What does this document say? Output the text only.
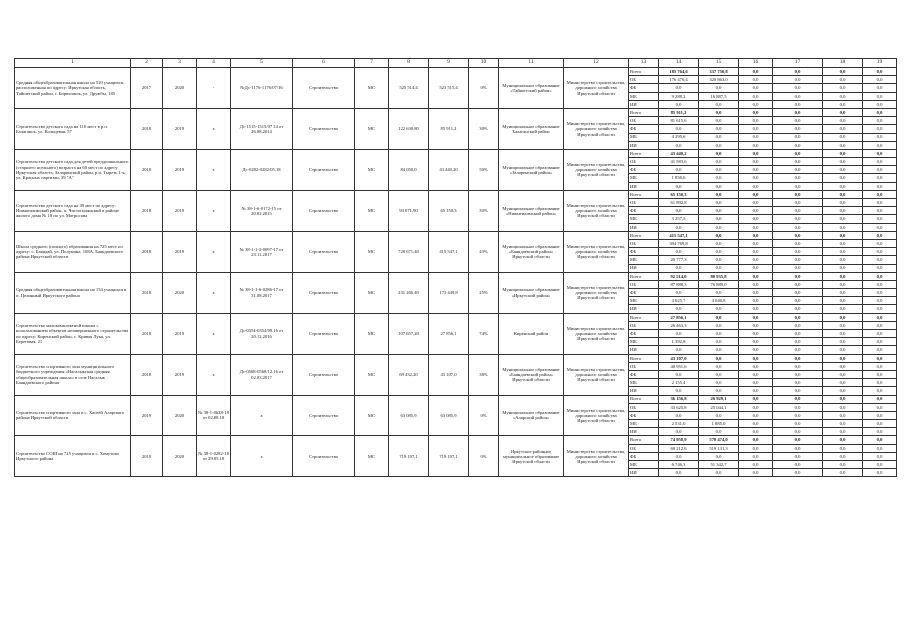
1	2	3	4	5	6	7	8	9	10	11	12	13	14	15	16	17	18	19
Средняя общеобразовательная школа на 520 учащихся, расположенная по адресу: Иркутская область, Тайшетский район, г. Бирюсинск, ул. Дружбы, 185	2017	2020	-	№Дс-1176-1176/07/16	Строительство	МС	525 514,4	523 515,4	0%	Муниципальное образование «Тайшетский район»	Министерство строительства, дорожного хозяйства Иркутской области	Всего	185 764,6	337 750,8	0,0	0,0	0,0	0,0
												ОБ	176 476,4	320 863,0	0,0	0,0	0,0	0,0
												ФБ	0,0	0,0	0,0	0,0	0,0	0,0
												МБ	9 288,2	16 887,5	0,0	0,0	0,0	0,0
												ИИ	0,0	0,0	0,0	0,0	0,0	0,0
Строительство детского сада на 110 мест в р.п. Балаганск, ул. Кольцевая, 57	2018	2019	х	Дс-1515-1515/07 14 от 26.08.2014	Строительство	МС	122 630,80	85 911,2	30%	Муниципальное образование Балаганский район	Министерство строительства, дорожного хозяйства Иркутской области	Всего	85 911,2	0,0	0,0	0,0	0,0	0,0
												ОБ	81 615,6	0,0	0,0	0,0	0,0	0,0
												ФБ	0,0	0,0	0,0	0,0	0,0	0,0
												МБ	4 295,6	0,0	0,0	0,0	0,0	0,0
												ИИ	0,0	0,0	0,0	0,0	0,0	0,0
Строительство детского сада для детей преддошкольного (старшего ясельного) возраста на 60 мест по адресу: Иркутская область, Заларинский район, р.п. Тыреть 1-я, ул. Красных партизан, 39 "А"	2018	2019	х	Дс-0282-0282/05.18	Строительство	МС	84 050,0	43 440,20	50%	Муниципальное образование «Заларинский район»	Министерство строительства, дорожного хозяйства Иркутской области	Всего	43 440,2	0,0	0,0	0,0	0,0	0,0
												ОБ	41 583,6	0,0	0,0	0,0	0,0	0,0
												ФБ	0,0	0,0	0,0	0,0	0,0	0,0
												МБ	1 856,6	0,0	0,0	0,0	0,0	0,0
												ИИ	0,0	0,0	0,0	0,0	0,0	0,0
Строительство детского сада на 49 мест по адресу: Нижнеилимский район, п. Чистополянский в районе жилого дома № 18 по ул. Матросова	2018	2019	х	№ 38-1-6-0172-15 от 20.02.2015	Строительство	МС	93 071,90	65 150,3	30%	Муниципальное образование «Нижнеилимский район»	Министерство строительства, дорожного хозяйства Иркутской области	Всего	65 150,3	0,0	0,0	0,0	0,0	0,0
												ОБ	61 892,8	0,0	0,0	0,0	0,0	0,0
												ФБ	0,0	0,0	0,0	0,0	0,0	0,0
												МБ	3 257,5	0,0	0,0	0,0	0,0	0,0
												ИИ	0,0	0,0	0,0	0,0	0,0	0,0
Школа среднего (полного) образования на 725 мест по адресу: с. Баяндай, ул. Полунина, 108А, Баяндаевского района Иркутской области	2018	2019	х	№ 38-1-1-3-0097-17 от 23.11.2017	Строительство	МС	728 671,40	415 547,1	43%	Муниципальное образование «Баяндаевский район» Иркутской области	Министерство строительства, дорожного хозяйства Иркутской области	Всего	415 547,1	0,0	0,0	0,0	0,0	0,0
												ОБ	394 769,8	0,0	0,0	0,0	0,0	0,0
												ФБ	0,0	0,0	0,0	0,0	0,0	0,0
												МБ	20 777,3	0,0	0,0	0,0	0,0	0,0
												ИИ	0,0	0,0	0,0	0,0	0,0	0,0
Средняя общеобразовательная школа на 154 учащихся в п. Целинный Иркутского района	2018	2020	х	№ 38-1-1-6-0286-17 от 31.08.2017	Строительство	МС	231 266,40	173 449,8	25%	Муниципальное образование «Иркутский район»	Министерство строительства, дорожного хозяйства Иркутской области	Всего	92 514,0	80 935,8	0,0	0,0	0,0	0,0
												ОБ	87 888,3	76 889,0	0,0	0,0	0,0	0,0
												ФБ	0,0	0,0	0,0	0,0	0,0	0,0
												МБ	4 625,7	4 046,8	0,0	0,0	0,0	0,0
												ИИ	0,0	0,0	0,0	0,0	0,0	0,0
Строительство малокомплектной школы с использованием объектов незавершенного строительства по адресу: Киренский район, с. Кривая Лука, ул. Береговая, 21	2018	2019	х	Дс-0354-0354/09.16 от 20.12.2016	Строительство	МС	107 657,20	27 856,1	74%	Киренский район	Министерство строительства, дорожного хозяйства Иркутской области	Всего	27 856,1	0,0	0,0	0,0	0,0	0,0
												ОБ	26 463,3	0,0	0,0	0,0	0,0	0,0
												ФБ	0,0	0,0	0,0	0,0	0,0	0,0
												МБ	1 392,8	0,0	0,0	0,0	0,0	0,0
												ИИ	0,0	0,0	0,0	0,0	0,0	0,0
Строительство спортивного зала муниципального бюджетного учреждения «Нагалыкская средняя общеобразовательная школа» в селе Нагалык Баяндаевского района	2018	2019	х	Дс-0568-0568/12.16 от 02.03.2017	Строительство	МС	69 432,20	43 107,0	38%	Муниципальное образование «Баяндаевский район» Иркутской области	Министерство строительства, дорожного хозяйства Иркутской области	Всего	43 107,0	0,0	0,0	0,0	0,0	0,0
												ОБ	40 951,6	0,0	0,0	0,0	0,0	0,0
												ФБ	0,0	0,0	0,0	0,0	0,0	0,0
												МБ	2 155,4	0,0	0,0	0,0	0,0	0,0
												ИИ	0,0	0,0	0,0	0,0	0,0	0,0
Строительство спортивного зала в с. Хасеёй Аларского района Иркутской области	2019	2020	№ 38-1-0638-18 от 02.08.18	х	Строительство	МС	63 085,9	63 085,9	0%	Муниципальное образование «Аларский район»	Министерство строительства, дорожного хозяйства Иркутской области	Всего	36 156,8	26 929,1	0,0	0,0	0,0	0,0
												ОБ	33 625,8	25 044,1	0,0	0,0	0,0	0,0
												ФБ	0,0	0,0	0,0	0,0	0,0	0,0
												МБ	2 531,0	1 885,0	0,0	0,0	0,0	0,0
												ИИ	0,0	0,0	0,0	0,0	0,0	0,0
Строительство СОШ на 725 учащихся в с. Хомутово Иркутского района	2019	2020	№ 38-1-0282-18 от 29.05.18	х	Строительство	МС	719 197,1	719 197,1	0%	Иркутское районное муниципальное образование Иркутской области	Министерство строительства, дорожного хозяйства Иркутской области	Всего	74 958,9	570 474,0	0,0	0,0	0,0	0,0
												ОБ	68 212,6	519 131,3	0,0	0,0	0,0	0,0
												ФБ	0,0	0,0	0,0	0,0	0,0	0,0
												МБ	6 746,3	51 342,7	0,0	0,0	0,0	0,0
												ИИ	0,0	0,0	0,0	0,0	0,0	0,0
